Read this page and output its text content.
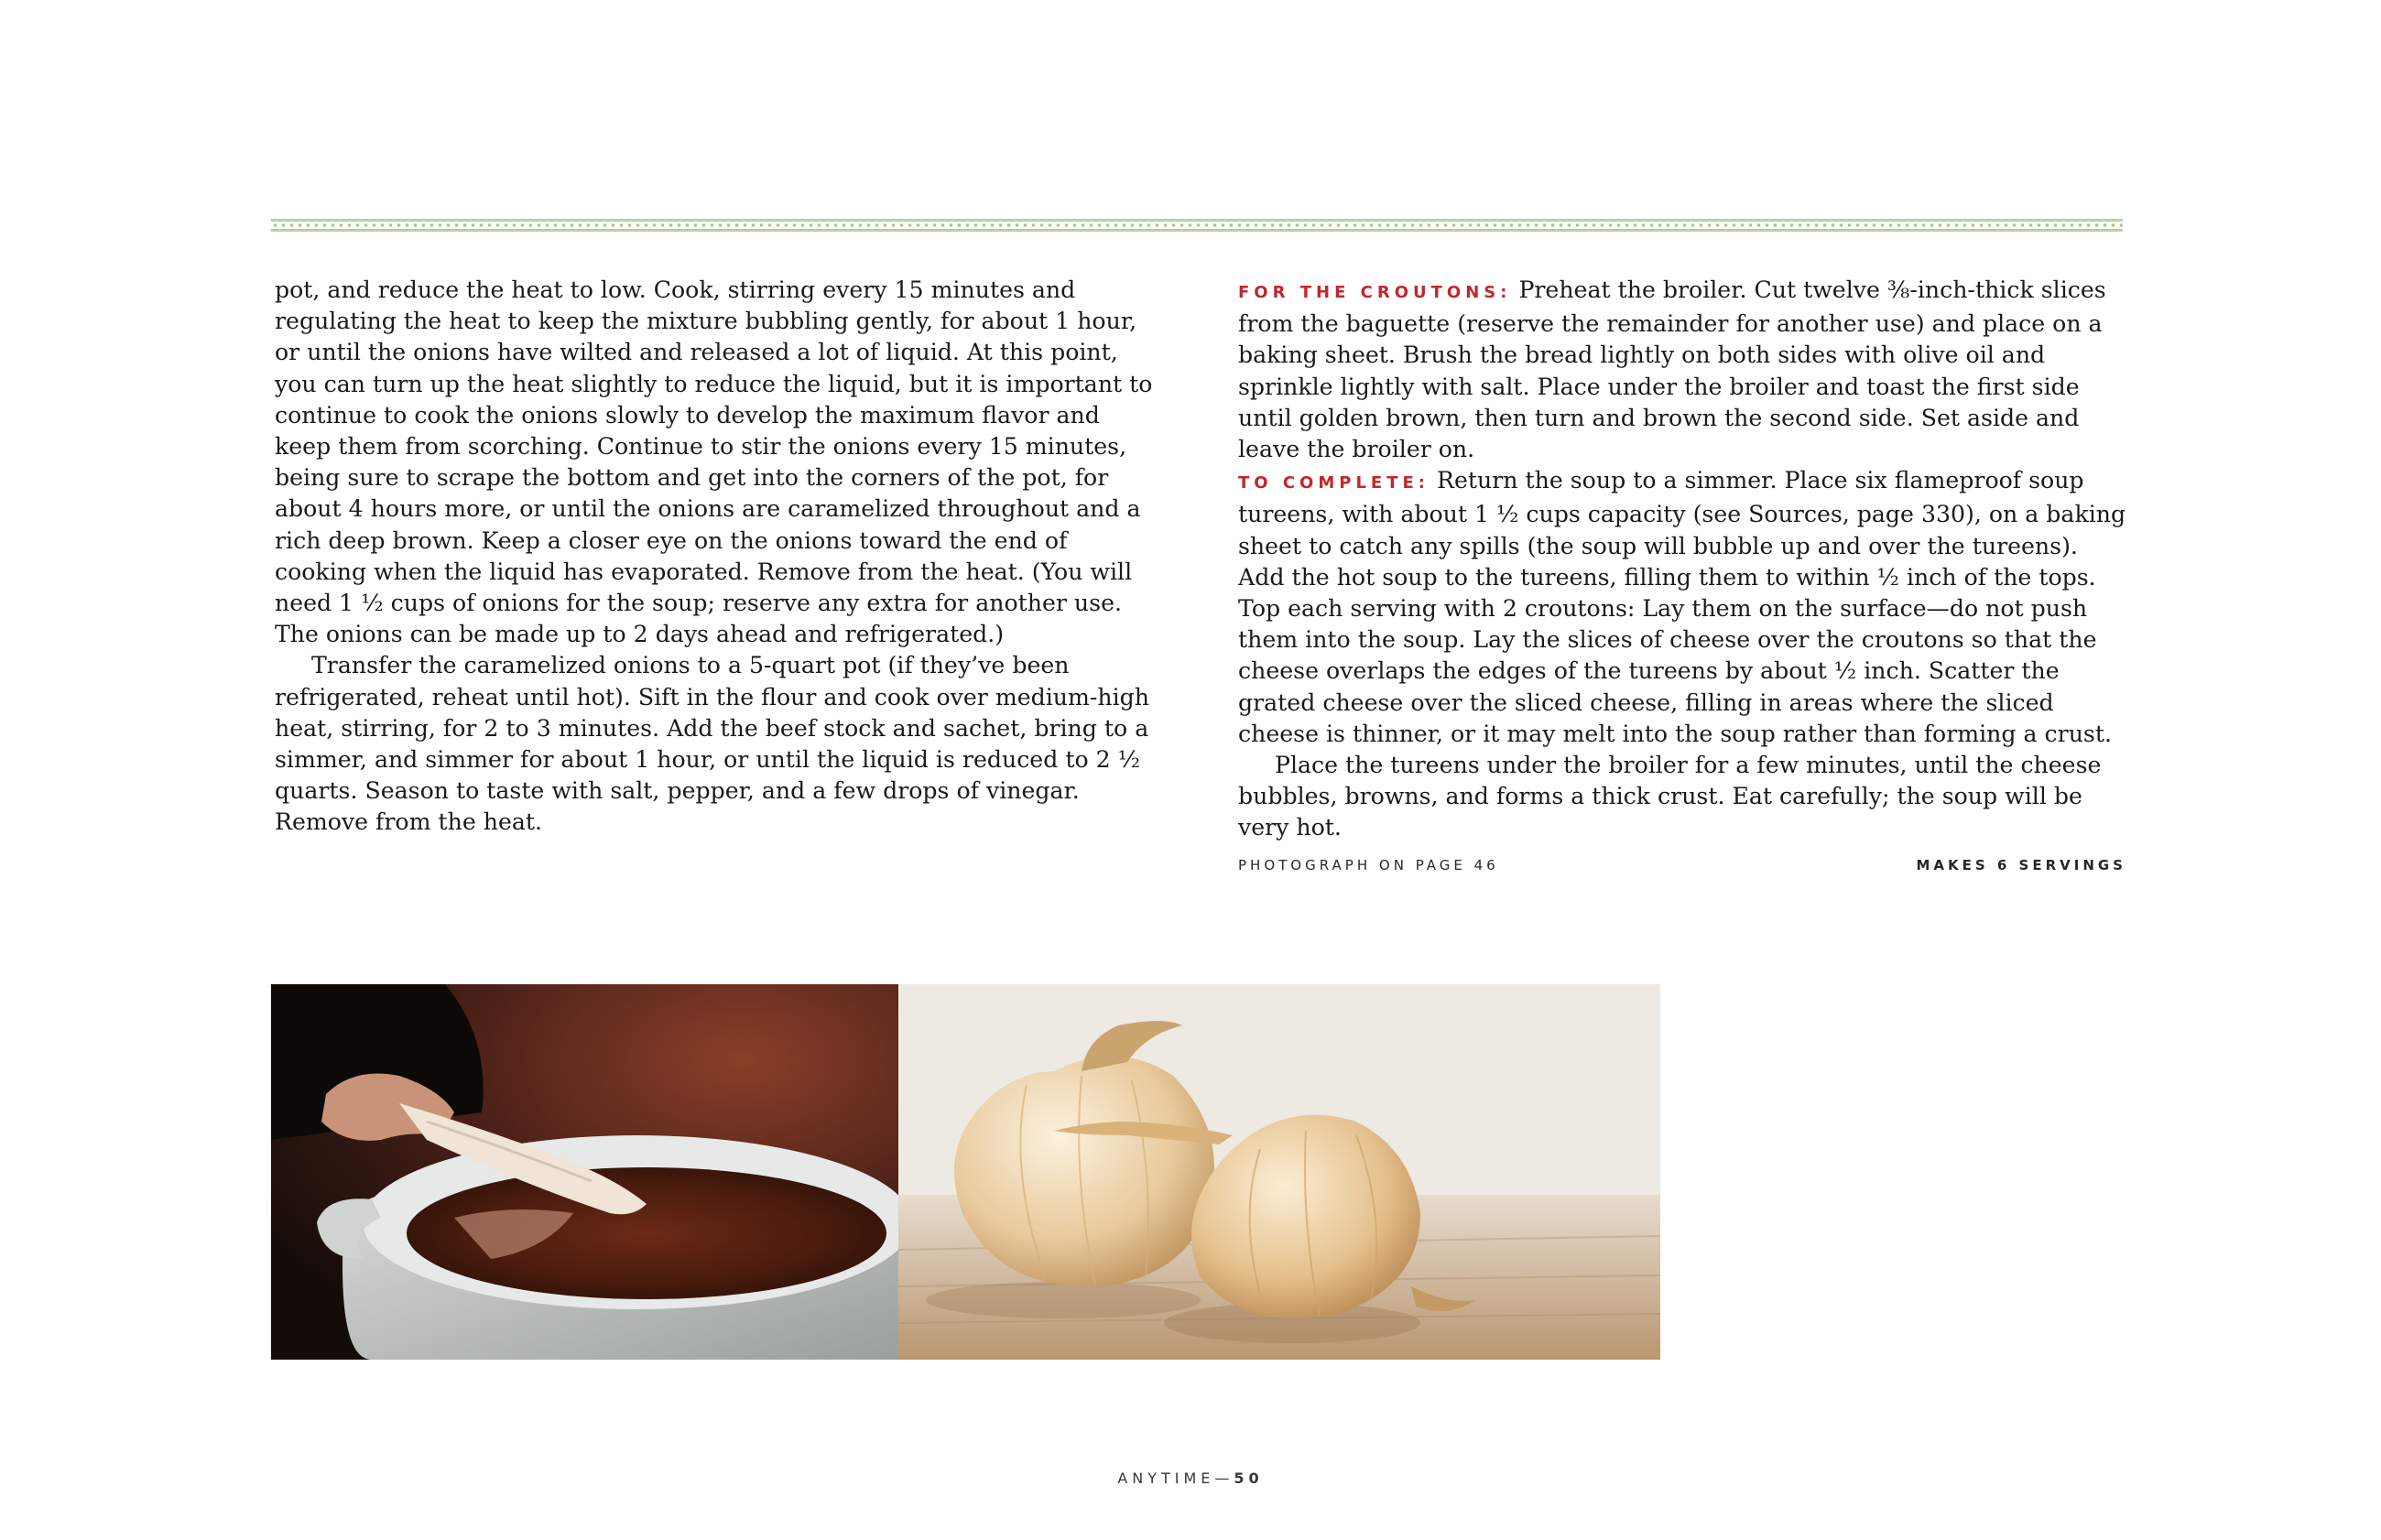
pot, and reduce the heat to low. Cook, stirring every 15 minutes and regulating the heat to keep the mixture bubbling gently, for about 1 hour, or until the onions have wilted and released a lot of liquid. At this point, you can turn up the heat slightly to reduce the liquid, but it is important to continue to cook the onions slowly to develop the maximum flavor and keep them from scorching. Continue to stir the onions every 15 minutes, being sure to scrape the bottom and get into the corners of the pot, for about 4 hours more, or until the onions are caramelized throughout and a rich deep brown. Keep a closer eye on the onions toward the end of cooking when the liquid has evaporated. Remove from the heat. (You will need 1 ½ cups of onions for the soup; reserve any extra for another use. The onions can be made up to 2 days ahead and refrigerated.)

Transfer the caramelized onions to a 5-quart pot (if they’ve been refrigerated, reheat until hot). Sift in the flour and cook over medium-high heat, stirring, for 2 to 3 minutes. Add the beef stock and sachet, bring to a simmer, and simmer for about 1 hour, or until the liquid is reduced to 2 ½ quarts. Season to taste with salt, pepper, and a few drops of vinegar. Remove from the heat.

FOR THE CROUTONS: Preheat the broiler. Cut twelve ⅜-inch-thick slices from the baguette (reserve the remainder for another use) and place on a baking sheet. Brush the bread lightly on both sides with olive oil and sprinkle lightly with salt. Place under the broiler and toast the first side until golden brown, then turn and brown the second side. Set aside and leave the broiler on.

TO COMPLETE: Return the soup to a simmer. Place six flameproof soup tureens, with about 1 ½ cups capacity (see Sources, page 330), on a baking sheet to catch any spills (the soup will bubble up and over the tureens). Add the hot soup to the tureens, filling them to within ½ inch of the tops. Top each serving with 2 croutons: Lay them on the surface—do not push them into the soup. Lay the slices of cheese over the croutons so that the cheese overlaps the edges of the tureens by about ½ inch. Scatter the grated cheese over the sliced cheese, filling in areas where the sliced cheese is thinner, or it may melt into the soup rather than forming a crust.

Place the tureens under the broiler for a few minutes, until the cheese bubbles, browns, and forms a thick crust. Eat carefully; the soup will be very hot.

PHOTOGRAPH ON PAGE 46	MAKES 6 SERVINGS
ANYTIME—50
